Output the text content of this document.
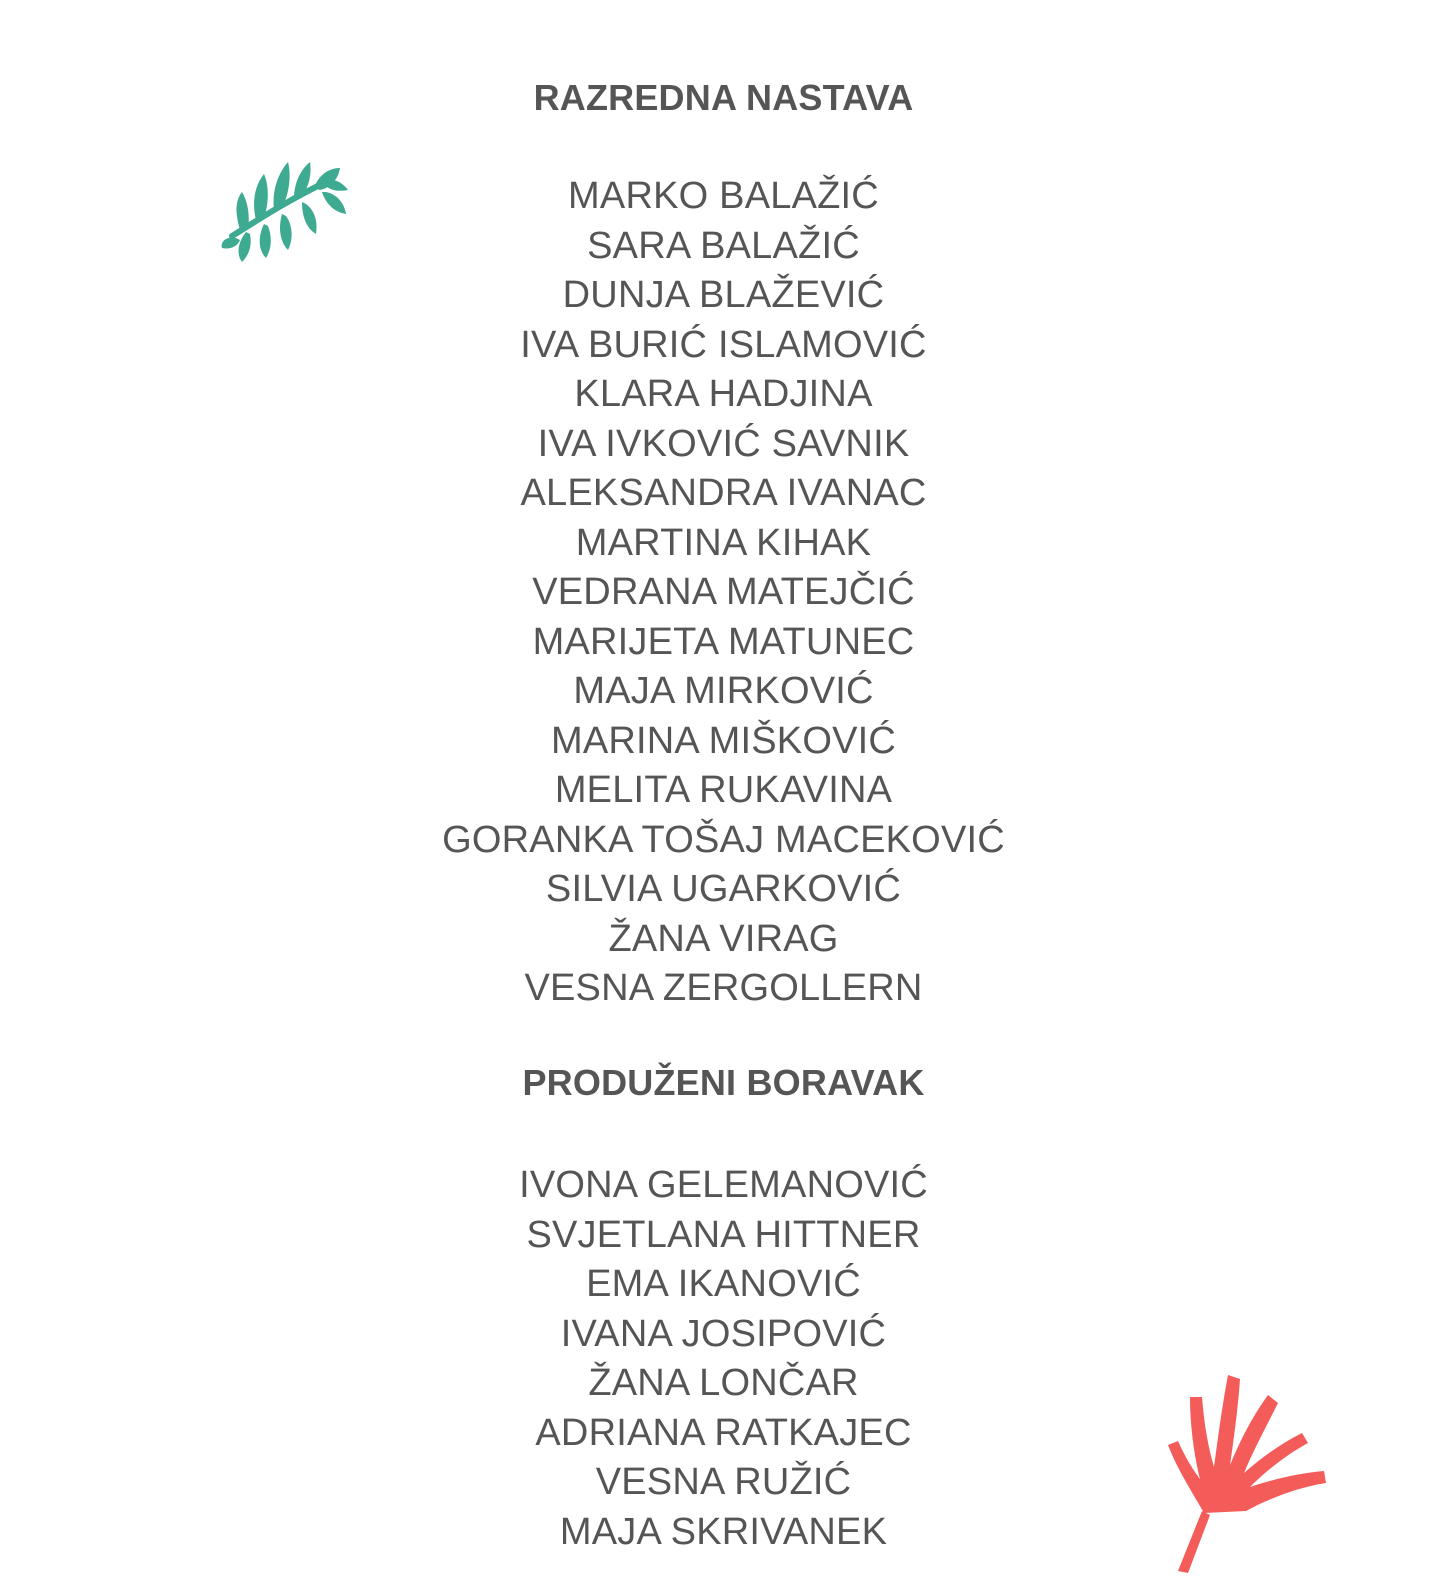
RAZREDNA NASTAVA
MARKO BALAŽIĆ
SARA BALAŽIĆ
DUNJA BLAŽEVIĆ
IVA BURIĆ ISLAMOVIĆ
KLARA HADJINA
IVA IVKOVIĆ SAVNIK
ALEKSANDRA IVANAC
MARTINA KIHAK
VEDRANA MATEJČIĆ
MARIJETA MATUNEC
MAJA MIRKOVIĆ
MARINA MIŠKOVIĆ
MELITA RUKAVINA
GORANKA TOŠAJ MACEKOVIĆ
SILVIA UGARKOVIĆ
ŽANA VIRAG
VESNA ZERGOLLERN
PRODUŽENI BORAVAK
IVONA GELEMANOVIĆ
SVJETLANA HITTNER
EMA IKANOVIĆ
IVANA JOSIPOVIĆ
ŽANA LONČAR
ADRIANA RATKAJEC
VESNA RUŽIĆ
MAJA SKRIVANEK
